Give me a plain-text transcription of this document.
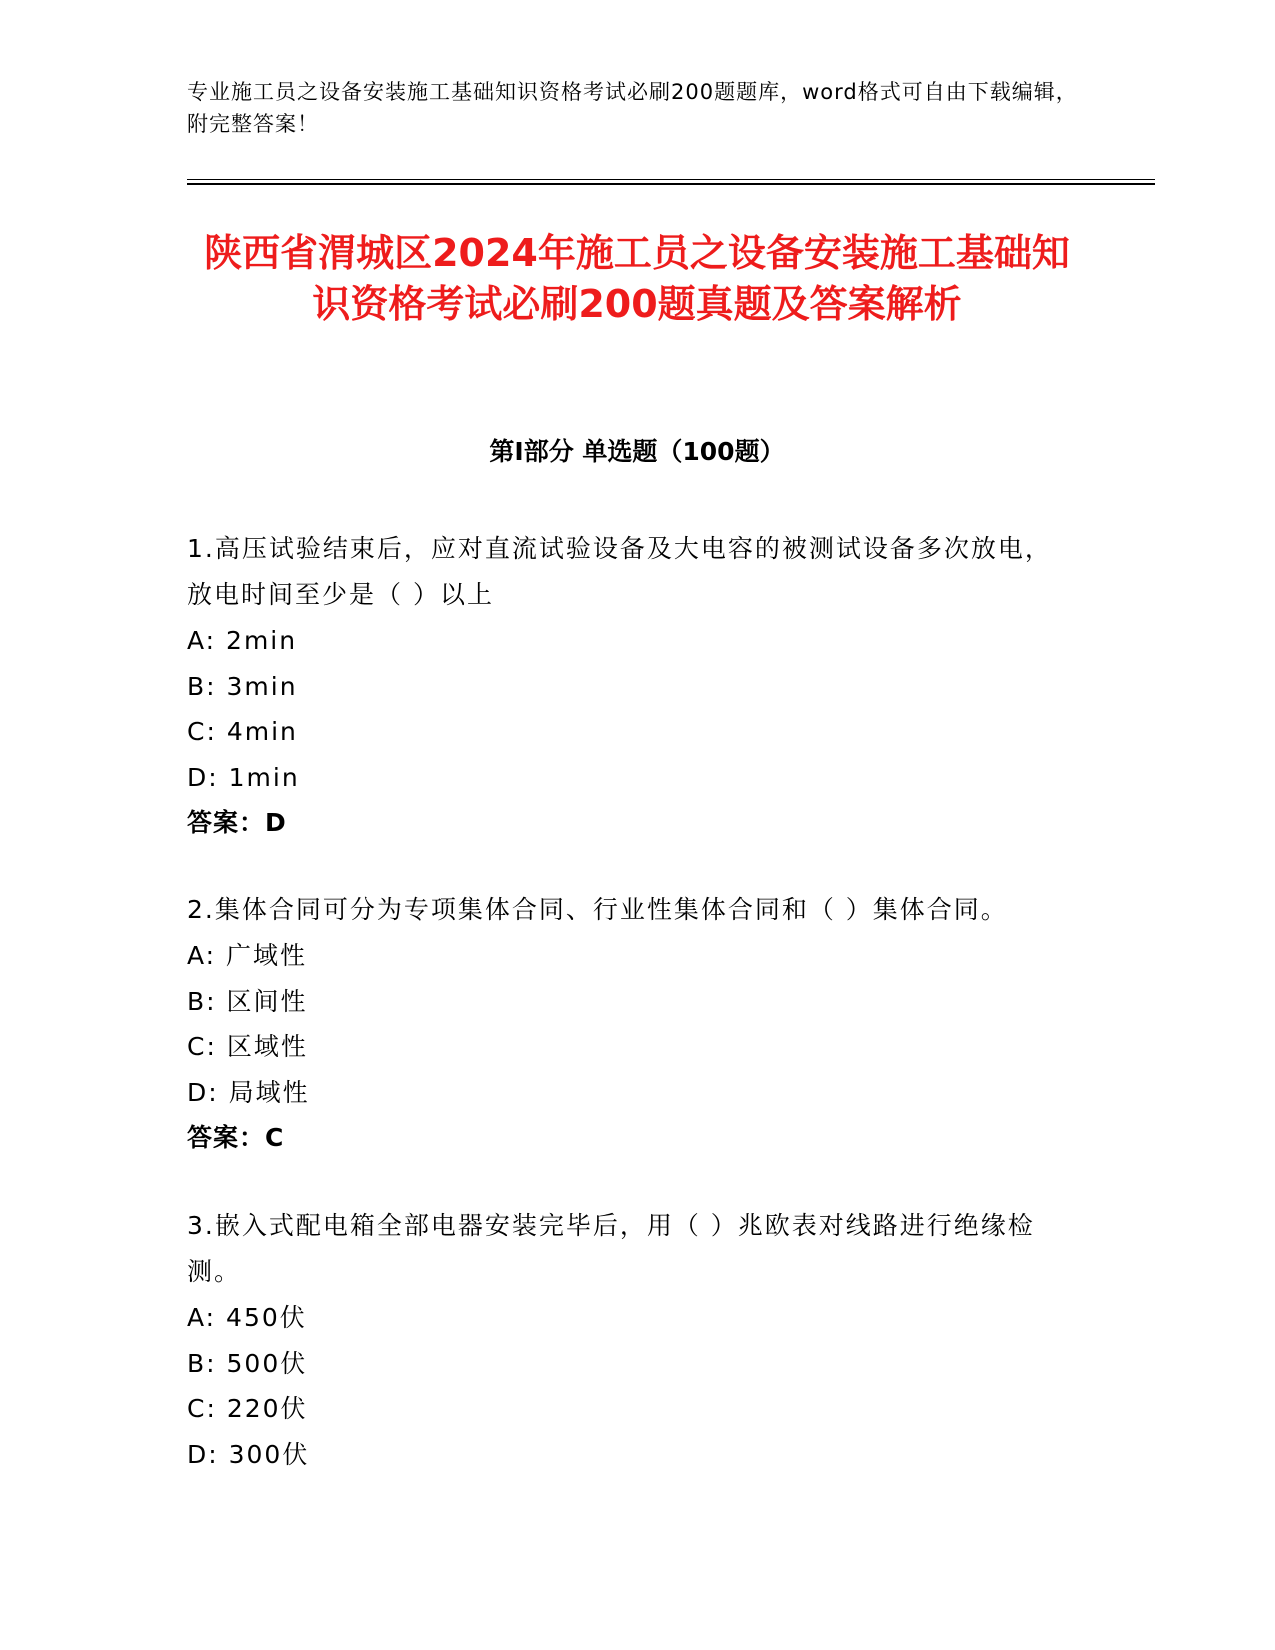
专业施工员之设备安装施工基础知识资格考试必刷200题题库，word格式可自由下载编辑，附完整答案！
陕西省渭城区2024年施工员之设备安装施工基础知识资格考试必刷200题真题及答案解析
第I部分 单选题（100题）
1.高压试验结束后，应对直流试验设备及大电容的被测试设备多次放电，放电时间至少是（ ）以上
A: 2min
B: 3min
C: 4min
D: 1min
答案：D
2.集体合同可分为专项集体合同、行业性集体合同和（ ）集体合同。
A: 广域性
B: 区间性
C: 区域性
D: 局域性
答案：C
3.嵌入式配电箱全部电器安装完毕后，用（ ）兆欧表对线路进行绝缘检测。
A: 450伏
B: 500伏
C: 220伏
D: 300伏
